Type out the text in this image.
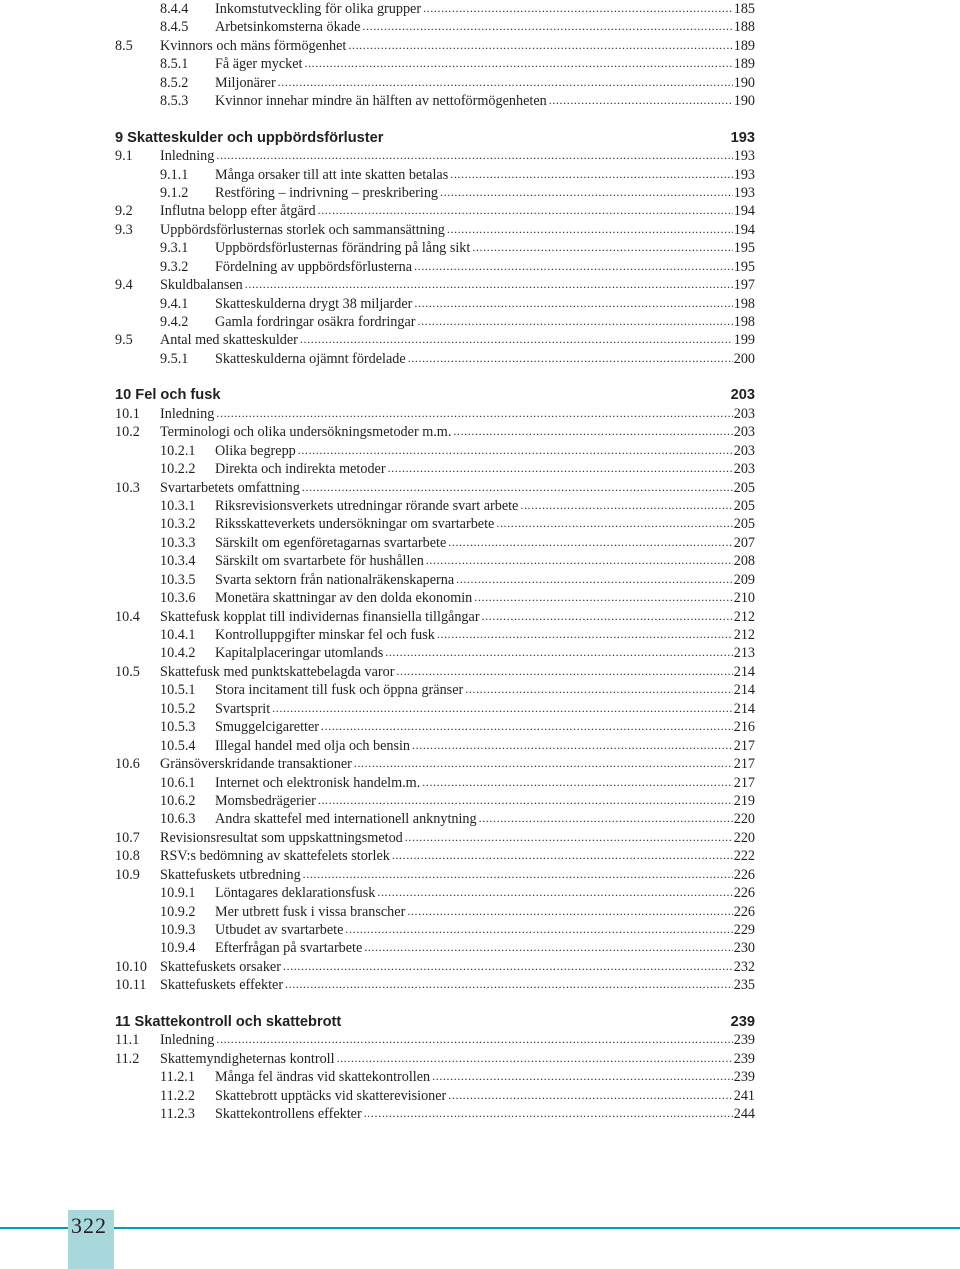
8.4.4	Inkomstutveckling för olika grupper .....	185
8.4.5	Arbetsinkomsterna ökade .....	188
8.5	Kvinnors och mäns förmögenhet .....	189
8.5.1	Få äger mycket .....	189
8.5.2	Miljonärer .....	190
8.5.3	Kvinnor innehar mindre än hälften av nettoförmögenheten .....	190
9 Skatteskulder och uppbördsförluster	193
9.1	Inledning .....	193
9.1.1	Många orsaker till att inte skatten betalas .....	193
9.1.2	Restföring – indrivning – preskribering .....	193
9.2	Influtna belopp efter åtgärd .....	194
9.3	Uppbördsförlusternas storlek och sammansättning .....	194
9.3.1	Uppbördsförlusternas förändring på lång sikt .....	195
9.3.2	Fördelning av uppbördsförlusterna .....	195
9.4	Skuldbalansen .....	197
9.4.1	Skatteskulderna drygt 38 miljarder .....	198
9.4.2	Gamla fordringar osäkra fordringar .....	198
9.5	Antal med skatteskulder .....	199
9.5.1	Skatteskulderna ojämnt fördelade .....	200
10 Fel och fusk	203
10.1	Inledning .....	203
10.2	Terminologi och olika undersökningsmetoder m.m. .....	203
10.2.1	Olika begrepp .....	203
10.2.2	Direkta och indirekta metoder .....	203
10.3	Svartarbetets omfattning .....	205
10.3.1	Riksrevisionsverkets utredningar rörande svart arbete .....	205
10.3.2	Riksskatteverkets undersökningar om svartarbete .....	205
10.3.3	Särskilt om egenföretagarnas svartarbete .....	207
10.3.4	Särskilt om svartarbete för hushållen .....	208
10.3.5	Svarta sektorn från nationalräkenskaperna .....	209
10.3.6	Monetära skattningar av den dolda ekonomin .....	210
10.4	Skattefusk kopplat till individernas finansiella tillgångar .....	212
10.4.1	Kontrolluppgifter minskar fel och fusk .....	212
10.4.2	Kapitalplaceringar utomlands .....	213
10.5	Skattefusk med punktskattebelagda varor .....	214
10.5.1	Stora incitament till fusk och öppna gränser .....	214
10.5.2	Svartsprit .....	214
10.5.3	Smuggelcigaretter .....	216
10.5.4	Illegal handel med olja och bensin .....	217
10.6	Gränsöverskridande transaktioner .....	217
10.6.1	Internet och elektronisk handelm.m. .....	217
10.6.2	Momsbedrägerier .....	219
10.6.3	Andra skattefel med internationell anknytning .....	220
10.7	Revisionsresultat som uppskattningsmetod .....	220
10.8	RSV:s bedömning av skattefelets storlek .....	222
10.9	Skattefuskets utbredning .....	226
10.9.1	Löntagares deklarationsfusk .....	226
10.9.2	Mer utbrett fusk i vissa branscher .....	226
10.9.3	Utbudet av svartarbete .....	229
10.9.4	Efterfrågan på svartarbete .....	230
10.10 Skattefuskets orsaker .....	232
10.11 Skattefuskets effekter .....	235
11 Skattekontroll och skattebrott	239
11.1	Inledning .....	239
11.2	Skattemyndigheternas kontroll .....	239
11.2.1	Många fel ändras vid skattekontrollen .....	239
11.2.2	Skattebrott upptäcks vid skatterevisioner .....	241
11.2.3	Skattekontrollens effekter .....	244
322
